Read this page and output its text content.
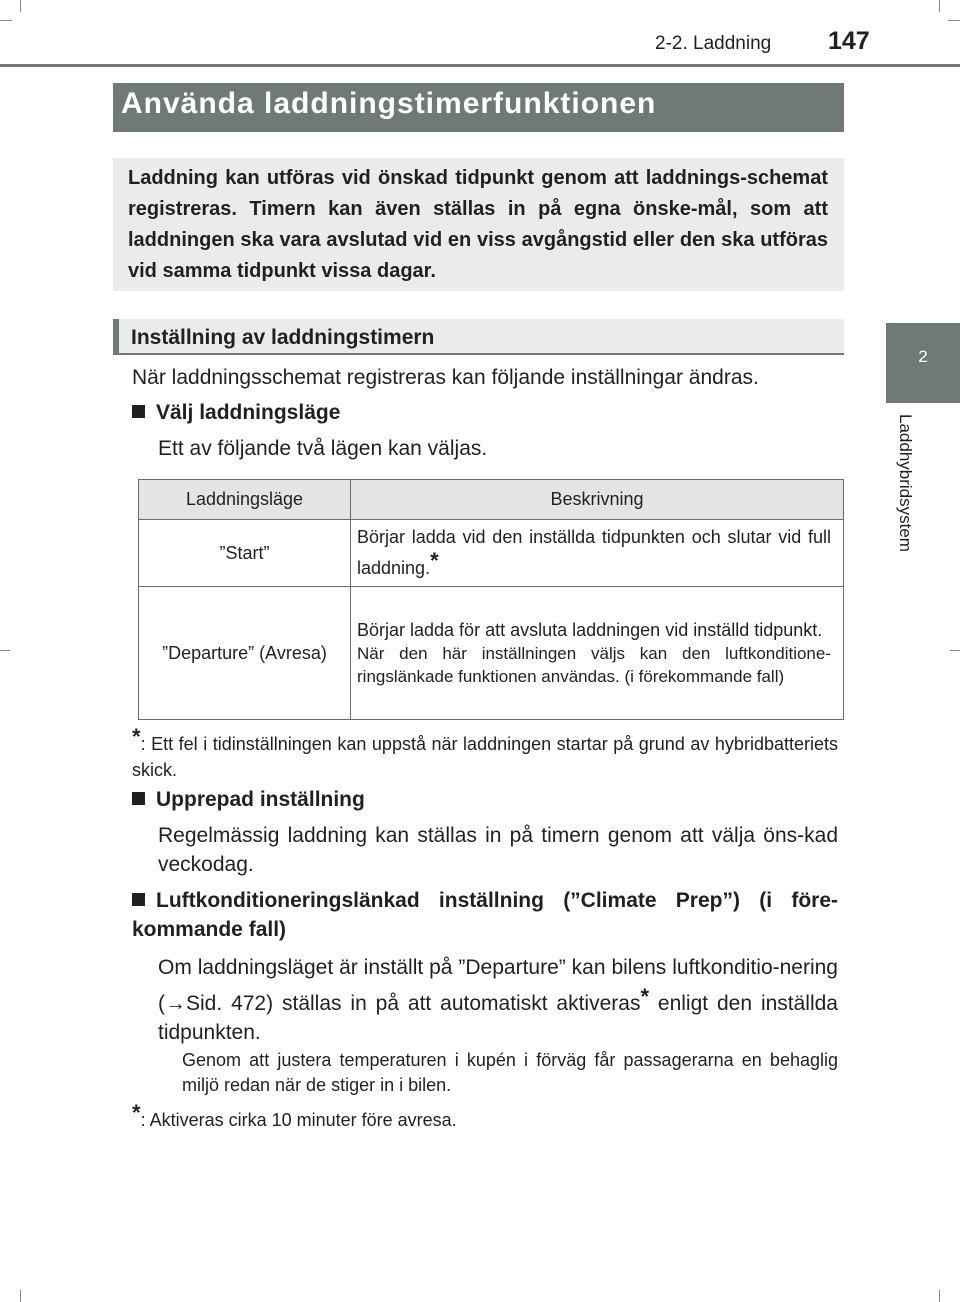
2-2. Laddning 147
2
Laddhybridsystem
Använda laddningstimerfunktionen
Laddning kan utföras vid önskad tidpunkt genom att laddnings-schemat registreras. Timern kan även ställas in på egna önske-mål, som att laddningen ska vara avslutad vid en viss avgångstid eller den ska utföras vid samma tidpunkt vissa dagar.
Inställning av laddningstimern
När laddningsschemat registreras kan följande inställningar ändras.
Välj laddningsläge
Ett av följande två lägen kan väljas.
Laddningsläge	Beskrivning
”Start”	Börjar ladda vid den inställda tidpunkten och slutar vid full laddning.*
”Departure” (Avresa)	Börjar ladda för att avsluta laddningen vid inställd tidpunkt.
När den här inställningen väljs kan den luftkonditione-ringslänkade funktionen användas. (i förekommande fall)
*: Ett fel i tidinställningen kan uppstå när laddningen startar på grund av hybridbatteriets skick.
Upprepad inställning
Regelmässig laddning kan ställas in på timern genom att välja öns-kad veckodag.
Luftkonditioneringslänkad inställning (”Climate Prep”) (i före-kommande fall)
Om laddningsläget är inställt på ”Departure” kan bilens luftkonditio-nering (→Sid. 472) ställas in på att automatiskt aktiveras* enligt den inställda tidpunkten.
Genom att justera temperaturen i kupén i förväg får passagerarna en behaglig miljö redan när de stiger in i bilen.
*: Aktiveras cirka 10 minuter före avresa.
